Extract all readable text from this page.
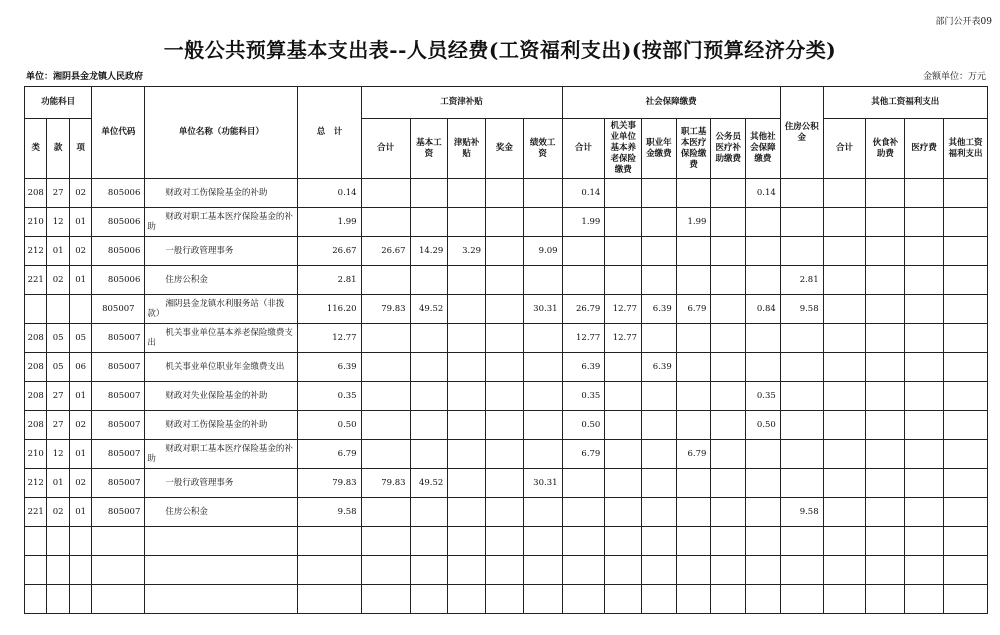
部门公开表09
一般公共预算基本支出表--人员经费(工资福利支出)(按部门预算经济分类)
单位：湘阴县金龙镇人民政府	金额单位：万元
功能科目			单位代码	单位名称（功能科目）	总　计	工资津补贴					社会保障缴费						住房公积金	其他工资福利支出			
类	款	项				合计	基本工资	津贴补贴	奖金	绩效工资	合计	机关事业单位基本养老保险缴费	职业年金缴费	职工基本医疗保险缴费	公务员医疗补助缴费	其他社会保障缴费		合计	伙食补助费	医疗费	其他工资福利支出
208	27	02	805006	财政对工伤保险基金的补助	0.14						0.14					0.14					
210	12	01	805006	财政对职工基本医疗保险基金的补助	1.99						1.99			1.99							
212	01	02	805006	一般行政管理事务	26.67	26.67	14.29	3.29		9.09											
221	02	01	805006	住房公积金	2.81												2.81				
			805007	湘阴县金龙镇水利服务站（非拨款）	116.20	79.83	49.52			30.31	26.79	12.77	6.39	6.79		0.84	9.58				
208	05	05	805007	机关事业单位基本养老保险缴费支出	12.77						12.77	12.77									
208	05	06	805007	机关事业单位职业年金缴费支出	6.39						6.39		6.39								
208	27	01	805007	财政对失业保险基金的补助	0.35						0.35					0.35					
208	27	02	805007	财政对工伤保险基金的补助	0.50						0.50					0.50					
210	12	01	805007	财政对职工基本医疗保险基金的补助	6.79						6.79			6.79							
212	01	02	805007	一般行政管理事务	79.83	79.83	49.52			30.31											
221	02	01	805007	住房公积金	9.58												9.58				
